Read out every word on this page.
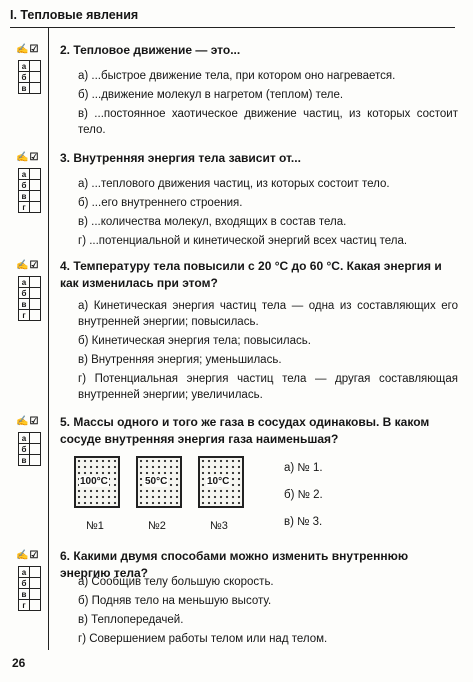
I. Тепловые явления
✍☑
а
б
в
2. Тепловое движение — это...
а) ...быстрое движение тела, при котором оно нагревается.
б) ...движение молекул в нагретом (теплом) теле.
в) ...постоянное хаотическое движение частиц, из которых состоит тело.
✍☑
а
б
в
г
3. Внутренняя энергия тела зависит от...
а) ...теплового движения частиц, из которых состоит тело.
б) ...его внутреннего строения.
в) ...количества молекул, входящих в состав тела.
г) ...потенциальной и кинетической энергий всех частиц тела.
✍☑
а
б
в
г
4. Температуру тела повысили с 20 °С до 60 °С. Какая энергия и как изменилась при этом?
а) Кинетическая энергия частиц тела — одна из составляющих его внутренней энергии; повысилась.
б) Кинетическая энергия тела; повысилась.
в) Внутренняя энергия; уменьшилась.
г) Потенциальная энергия частиц тела — другая составляющая внутренней энергии; увеличилась.
✍☑
а
б
в
5. Массы одного и того же газа в сосудах одинаковы. В каком сосуде внутренняя энергия газа наименьшая?
100°С	50°С	10°С
№1	№2	№3
а) № 1.
б) № 2.
в) № 3.
✍☑
а
б
в
г
6. Какими двумя способами можно изменить внутреннюю энергию тела?
а) Сообщив телу большую скорость.
б) Подняв тело на меньшую высоту.
в) Теплопередачей.
г) Совершением работы телом или над телом.
26
